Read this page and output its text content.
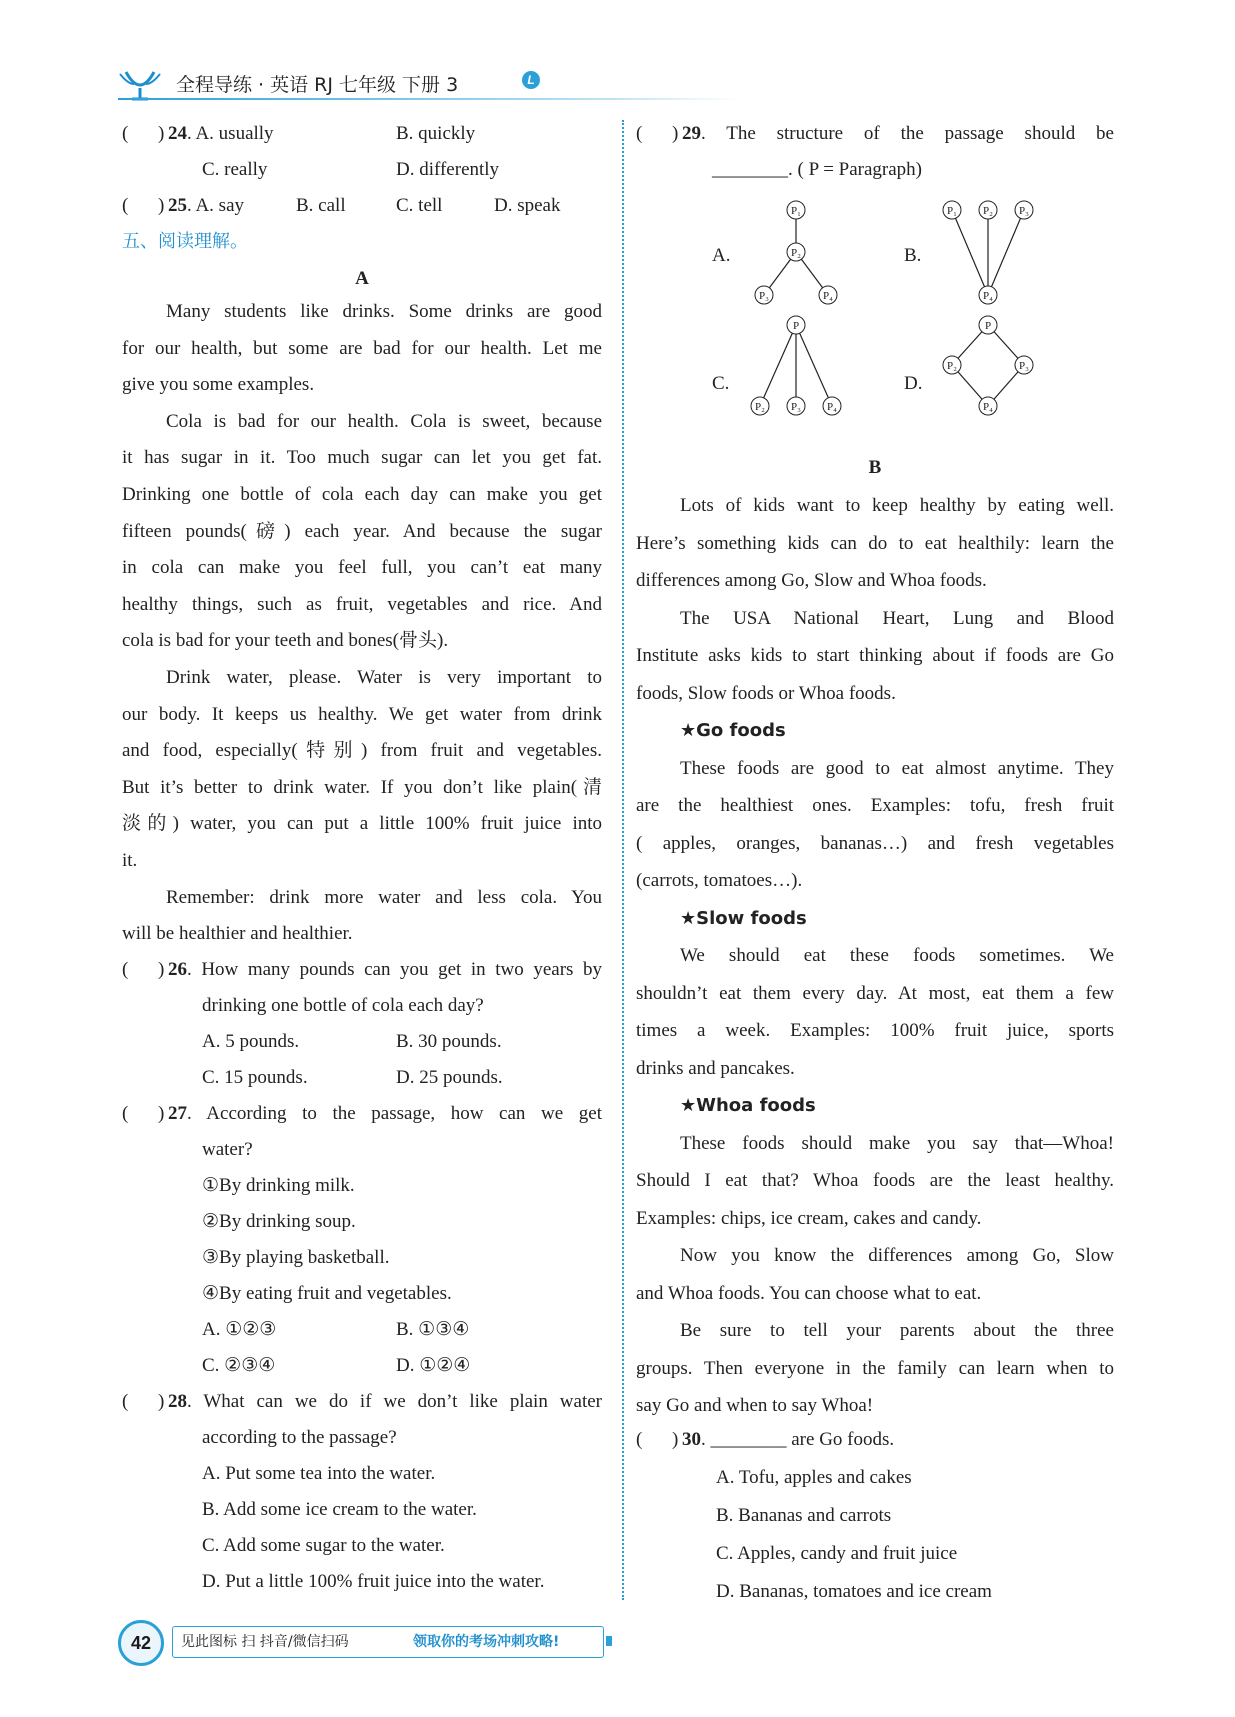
全程导练 · 英语 RJ 七年级 下册 3	L
( ) 24. A. usually	B. quickly
C. really	D. differently
( ) 25. A. say	B. call	C. tell	D. speak
五、阅读理解。
A
Many students like drinks. Some drinks are good
for our health, but some are bad for our health. Let me
give you some examples.
Cola is bad for our health. Cola is sweet, because
it has sugar in it. Too much sugar can let you get fat.
Drinking one bottle of cola each day can make you get
fifteen pounds(磅) each year. And because the sugar
in cola can make you feel full, you can’t eat many
healthy things, such as fruit, vegetables and rice. And
cola is bad for your teeth and bones(骨头).
Drink water, please. Water is very important to
our body. It keeps us healthy. We get water from drink
and food, especially(特别) from fruit and vegetables.
But it’s better to drink water. If you don’t like plain(清
淡的) water, you can put a little 100% fruit juice into
it.
Remember: drink more water and less cola. You
will be healthier and healthier.
( ) 26. How many pounds can you get in two years by
drinking one bottle of cola each day?
A. 5 pounds.	B. 30 pounds.
C. 15 pounds.	D. 25 pounds.
( ) 27. According to the passage, how can we get
water?
①By drinking milk.
②By drinking soup.
③By playing basketball.
④By eating fruit and vegetables.
A. ①②③	B. ①③④
C. ②③④	D. ①②④
( ) 28. What can we do if we don’t like plain water
according to the passage?
A. Put some tea into the water.
B. Add some ice cream to the water.
C. Add some sugar to the water.
D. Put a little 100% fruit juice into the water.
( ) 29. The structure of the passage should be
________. ( P = Paragraph)
A.	B.
C.	D.
P₁
P₂
P₃	P₄
P₁ P₂ P₃
P₄
P
P₂ P₃ P₄
P
P₂	P₃
P₄
B
Lots of kids want to keep healthy by eating well.
Here’s something kids can do to eat healthily: learn the
differences among Go, Slow and Whoa foods.
The USA National Heart, Lung and Blood
Institute asks kids to start thinking about if foods are Go
foods, Slow foods or Whoa foods.
★Go foods
These foods are good to eat almost anytime. They
are the healthiest ones. Examples: tofu, fresh fruit
( apples, oranges, bananas…) and fresh vegetables
(carrots, tomatoes…).
★Slow foods
We should eat these foods sometimes. We
shouldn’t eat them every day. At most, eat them a few
times a week. Examples: 100% fruit juice, sports
drinks and pancakes.
★Whoa foods
These foods should make you say that—Whoa!
Should I eat that? Whoa foods are the least healthy.
Examples: chips, ice cream, cakes and candy.
Now you know the differences among Go, Slow
and Whoa foods. You can choose what to eat.
Be sure to tell your parents about the three
groups. Then everyone in the family can learn when to
say Go and when to say Whoa!
( ) 30. ________ are Go foods.
A. Tofu, apples and cakes
B. Bananas and carrots
C. Apples, candy and fruit juice
D. Bananas, tomatoes and ice cream
42	见此图标 扫 抖音/微信扫码	领取你的考场冲刺攻略!
